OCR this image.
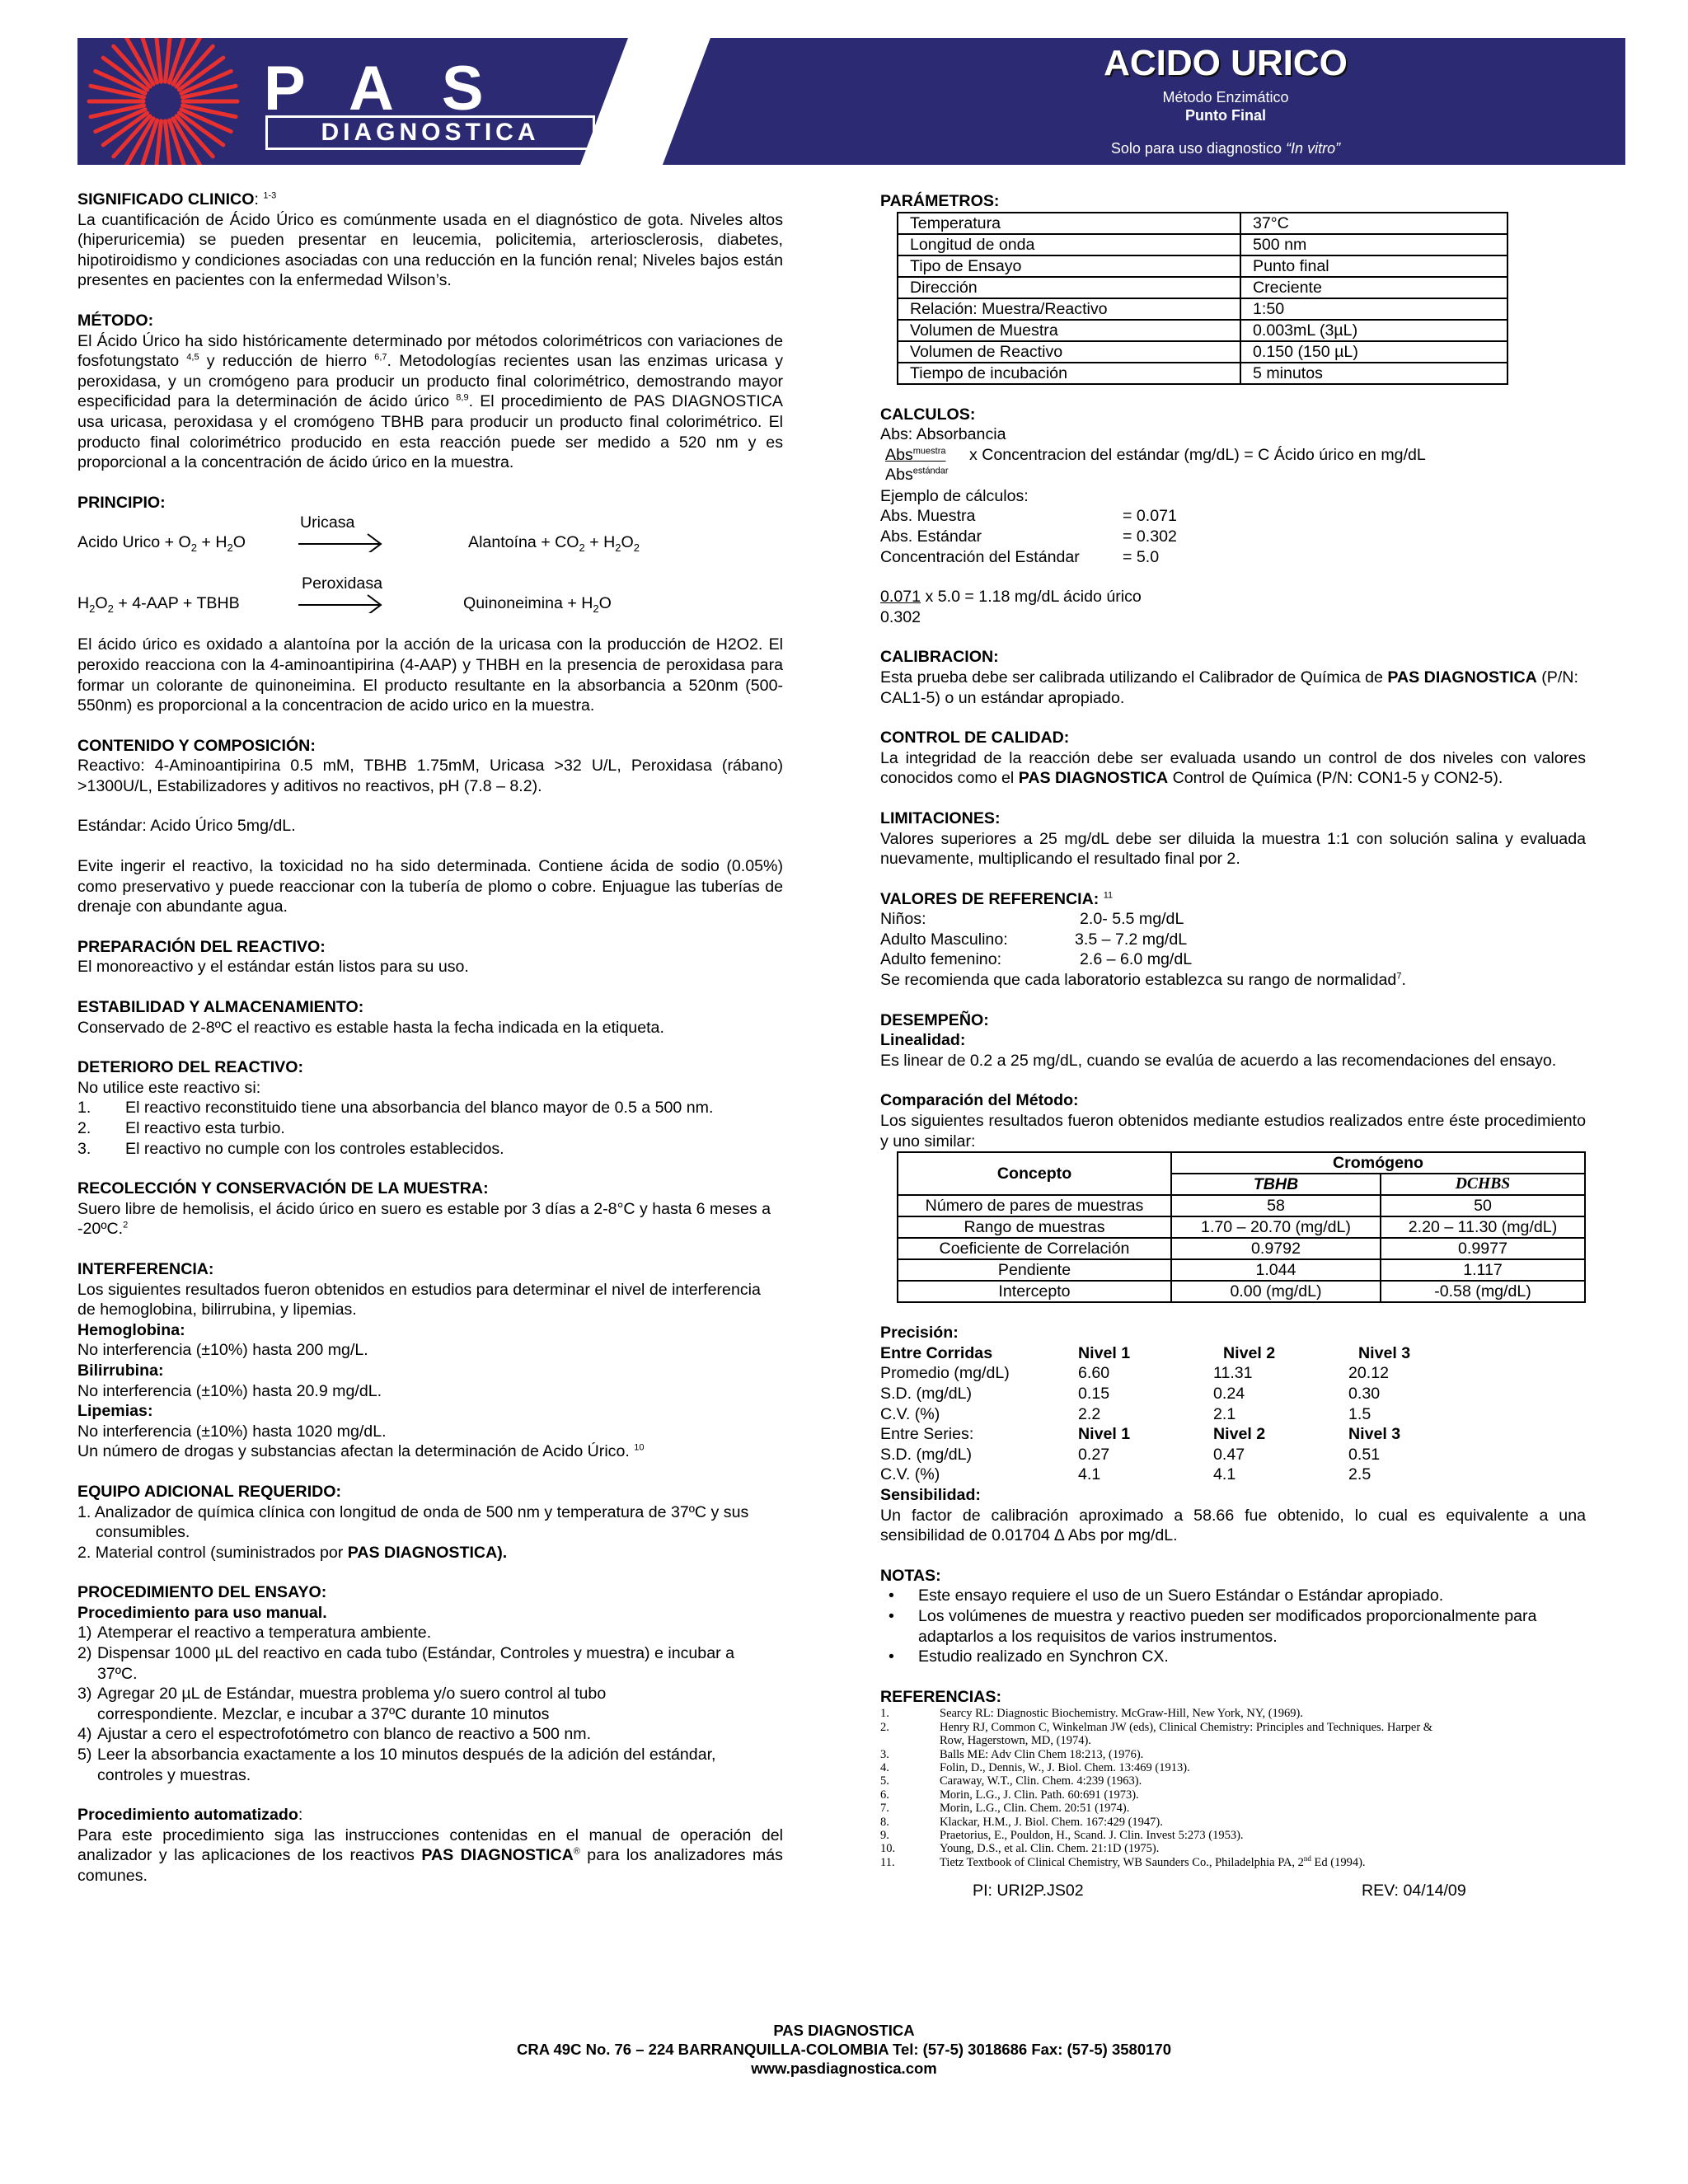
PAS
DIAGNOSTICA
ACIDO URICO
Método Enzimático
Punto Final
Solo para uso diagnostico “In vitro”

SIGNIFICADO CLINICO: $^{1-3}$

La cuantificación de Ácido Úrico es comúnmente usada en el diagnóstico de gota. Niveles altos (hiperuricemia) se pueden presentar en leucemia, policitemia, arteriosclerosis, diabetes, hipotiroidismo y condiciones asociadas con una reducción en la función renal; Niveles bajos están presentes en pacientes con la enfermedad Wilson’s.

MÉTODO:

El Ácido Úrico ha sido históricamente determinado por métodos colorimétricos con variaciones de fosfotungstato $^{4,5}$ y reducción de hierro $^{6,7}$. Metodologías recientes usan las enzimas uricasa y peroxidasa, y un cromógeno para producir un producto final colorimétrico, demostrando mayor especificidad para la determinación de ácido úrico $^{8,9}$. El procedimiento de PAS DIAGNOSTICA usa uricasa, peroxidasa y el cromógeno TBHB para producir un producto final colorimétrico. El producto final colorimétrico producido en esta reacción puede ser medido a 520 nm y es proporcional a la concentración de ácido úrico en la muestra.

PRINCIPIO:

Uricasa
Acido Urico + $O_2 + H_2O$	Alantoína + $CO_2 + H_2O_2$
Peroxidasa
$H_2O_2 + 4-AAP$ + TBHB	Quinoneimina + $H_2O$

El ácido úrico es oxidado a alantoína por la acción de la uricasa con la producción de H2O2. El peroxido reacciona con la 4-aminoantipirina (4-AAP) y THBH en la presencia de peroxidasa para formar un colorante de quinoneimina. El producto resultante en la absorbancia a 520nm (500-550nm) es proporcional a la concentracion de acido urico en la muestra.

CONTENIDO Y COMPOSICIÓN:

Reactivo: 4-Aminoantipirina 0.5 mM, TBHB 1.75mM, Uricasa >32 U/L, Peroxidasa (rábano) >1300U/L, Estabilizadores y aditivos no reactivos, pH (7.8 – 8.2).

Estándar: Acido Úrico 5mg/dL.

Evite ingerir el reactivo, la toxicidad no ha sido determinada. Contiene ácida de sodio (0.05%) como preservativo y puede reaccionar con la tubería de plomo o cobre. Enjuague las tuberías de drenaje con abundante agua.

PREPARACIÓN DEL REACTIVO:

El monoreactivo y el estándar están listos para su uso.

ESTABILIDAD Y ALMACENAMIENTO:

Conservado de 2-8ºC el reactivo es estable hasta la fecha indicada en la etiqueta.

DETERIORO DEL REACTIVO:

No utilice este reactivo si:

1.	El reactivo reconstituido tiene una absorbancia del blanco mayor de 0.5 a 500 nm.
2.	El reactivo esta turbio.
3.	El reactivo no cumple con los controles establecidos.

RECOLECCIÓN Y CONSERVACIÓN DE LA MUESTRA:

Suero libre de hemolisis, el ácido úrico en suero es estable por 3 días a 2-8°C y hasta 6 meses a -20ºC.$^2$

INTERFERENCIA:

Los siguientes resultados fueron obtenidos en estudios para determinar el nivel de interferencia de hemoglobina, bilirrubina, y lipemias.

Hemoglobina:

No interferencia (±10%) hasta 200 mg/L.

Bilirrubina:

No interferencia (±10%) hasta 20.9 mg/dL.

Lipemias:

No interferencia (±10%) hasta 1020 mg/dL.

Un número de drogas y substancias afectan la determinación de Acido Úrico. $^{10}$

EQUIPO ADICIONAL REQUERIDO:

1. Analizador de química clínica con longitud de onda de 500 nm y temperatura de 37ºC y sus consumibles.

2. Material control (suministrados por PAS DIAGNOSTICA).

PROCEDIMIENTO DEL ENSAYO:

Procedimiento para uso manual.

1) Atemperar el reactivo a temperatura ambiente.
2) Dispensar 1000 µL del reactivo en cada tubo (Estándar, Controles y muestra) e incubar a 37ºC.
3) Agregar 20 µL de Estándar, muestra problema y/o suero control al tubo correspondiente. Mezclar, e incubar a 37ºC durante 10 minutos
4) Ajustar a cero el espectrofotómetro con blanco de reactivo a 500 nm.
5) Leer la absorbancia exactamente a los 10 minutos después de la adición del estándar, controles y muestras.

Procedimiento automatizado:

Para este procedimiento siga las instrucciones contenidas en el manual de operación del analizador y las aplicaciones de los reactivos PAS DIAGNOSTICA® para los analizadores más comunes.

PARÁMETROS:

Temperatura	37°C
Longitud de onda	500 nm
Tipo de Ensayo	Punto final
Dirección	Creciente
Relación: Muestra/Reactivo	1:50
Volumen de Muestra	0.003mL (3µL)
Volumen de Reactivo	0.150 (150 µL)
Tiempo de incubación	5 minutos

CALCULOS:

Abs: Absorbancia

Abs$^{muestra}$ x Concentracion del estándar (mg/dL) = C Ácido úrico en mg/dL
Abs$^{estándar}$

Ejemplo de cálculos:

Abs. Muestra	= 0.071
Abs. Estándar	= 0.302
Concentración del Estándar	= 5.0

0.071 x 5.0 = 1.18 mg/dL ácido úrico

0.302

CALIBRACION:

Esta prueba debe ser calibrada utilizando el Calibrador de Química de PAS DIAGNOSTICA (P/N: CAL1-5) o un estándar apropiado.

CONTROL DE CALIDAD:

La integridad de la reacción debe ser evaluada usando un control de dos niveles con valores conocidos como el PAS DIAGNOSTICA Control de Química (P/N: CON1-5 y CON2-5).

LIMITACIONES:

Valores superiores a 25 mg/dL debe ser diluida la muestra 1:1 con solución salina y evaluada nuevamente, multiplicando el resultado final por 2.

VALORES DE REFERENCIA: $^{11}$

Niños:	2.0- 5.5 mg/dL
Adulto Masculino:	3.5 – 7.2 mg/dL
Adulto femenino:	2.6 – 6.0 mg/dL

Se recomienda que cada laboratorio establezca su rango de normalidad$^7$.

DESEMPEÑO:

Linealidad:

Es linear de 0.2 a 25 mg/dL, cuando se evalúa de acuerdo a las recomendaciones del ensayo.

Comparación del Método:

Los siguientes resultados fueron obtenidos mediante estudios realizados entre éste procedimiento y uno similar:

Concepto	Cromógeno	
	TBHB	DCHBS
Número de pares de muestras	58	50
Rango de muestras	1.70 – 20.70 (mg/dL)	2.20 – 11.30 (mg/dL)
Coeficiente de Correlación	0.9792	0.9977
Pendiente	1.044	1.117
Intercepto	0.00 (mg/dL)	-0.58 (mg/dL)

Precisión:

Entre Corridas	Nivel 1	Nivel 2	Nivel 3
Promedio (mg/dL)	6.60	11.31	20.12
S.D. (mg/dL)	0.15	0.24	0.30
C.V. (%)	2.2	2.1	1.5
Entre Series:	Nivel 1	Nivel 2	Nivel 3
S.D. (mg/dL)	0.27	0.47	0.51
C.V. (%)	4.1	4.1	2.5

Sensibilidad:

Un factor de calibración aproximado a 58.66 fue obtenido, lo cual es equivalente a una sensibilidad de 0.01704 ∆ Abs por mg/dL.

NOTAS:

•	Este ensayo requiere el uso de un Suero Estándar o Estándar apropiado.
•	Los volúmenes de muestra y reactivo pueden ser modificados proporcionalmente para adaptarlos a los requisitos de varios instrumentos.
•	Estudio realizado en Synchron CX.

REFERENCIAS:

1.	Searcy RL: Diagnostic Biochemistry. McGraw-Hill, New York, NY, (1969).
2.	Henry RJ, Common C, Winkelman JW (eds), Clinical Chemistry: Principles and Techniques. Harper & Row, Hagerstown, MD, (1974).
3.	Balls ME: Adv Clin Chem 18:213, (1976).
4.	Folin, D., Dennis, W., J. Biol. Chem. 13:469 (1913).
5.	Caraway, W.T., Clin. Chem. 4:239 (1963).
6.	Morin, L.G., J. Clin. Path. 60:691 (1973).
7.	Morin, L.G., Clin. Chem. 20:51 (1974).
8.	Klackar, H.M., J. Biol. Chem. 167:429 (1947).
9.	Praetorius, E., Pouldon, H., Scand. J. Clin. Invest 5:273 (1953).
10.	Young, D.S., et al. Clin. Chem. 21:1D (1975).
11.	Tietz Textbook of Clinical Chemistry, WB Saunders Co., Philadelphia PA, 2nd Ed (1994).
PI: URI2P.JS02	REV: 04/14/09
PAS DIAGNOSTICA
CRA 49C No. 76 – 224 BARRANQUILLA-COLOMBIA Tel: (57-5) 3018686 Fax: (57-5) 3580170
www.pasdiagnostica.com
